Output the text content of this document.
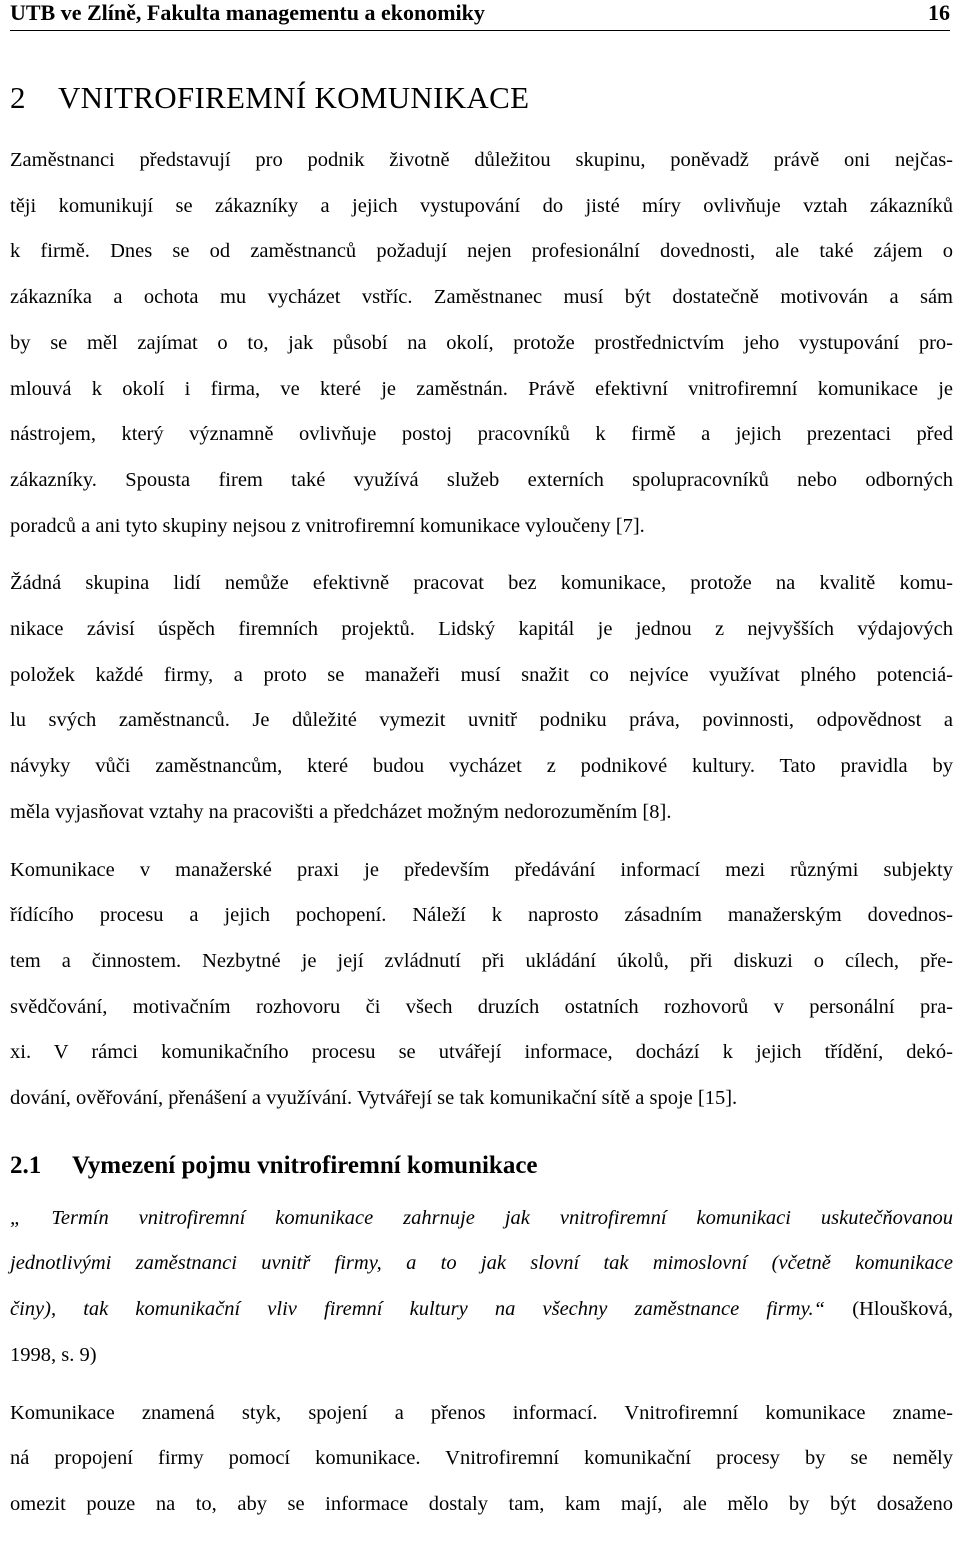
UTB ve Zlíně, Fakulta managementu a ekonomiky	16
2 VNITROFIREMNÍ KOMUNIKACE

Zaměstnanci představují pro podnik životně důležitou skupinu, poněvadž právě oni nejčas-
těji komunikují se zákazníky a jejich vystupování do jisté míry ovlivňuje vztah zákazníků
k firmě. Dnes se od zaměstnanců požadují nejen profesionální dovednosti, ale také zájem o
zákazníka a ochota mu vycházet vstříc. Zaměstnanec musí být dostatečně motivován a sám
by se měl zajímat o to, jak působí na okolí, protože prostřednictvím jeho vystupování pro-
mlouvá k okolí i firma, ve které je zaměstnán. Právě efektivní vnitrofiremní komunikace je
nástrojem, který významně ovlivňuje postoj pracovníků k firmě a jejich prezentaci před
zákazníky. Spousta firem také využívá služeb externích spolupracovníků nebo odborných
poradců a ani tyto skupiny nejsou z vnitrofiremní komunikace vyloučeny [7].

Žádná skupina lidí nemůže efektivně pracovat bez komunikace, protože na kvalitě komu-
nikace závisí úspěch firemních projektů. Lidský kapitál je jednou z nejvyšších výdajových
položek každé firmy, a proto se manažeři musí snažit co nejvíce využívat plného potenciá-
lu svých zaměstnanců. Je důležité vymezit uvnitř podniku práva, povinnosti, odpovědnost a
návyky vůči zaměstnancům, které budou vycházet z podnikové kultury. Tato pravidla by
měla vyjasňovat vztahy na pracovišti a předcházet možným nedorozuměním [8].

Komunikace v manažerské praxi je především předávání informací mezi různými subjekty
řídícího procesu a jejich pochopení. Náleží k naprosto zásadním manažerským dovednos-
tem a činnostem. Nezbytné je její zvládnutí při ukládání úkolů, při diskuzi o cílech, pře-
svědčování, motivačním rozhovoru či všech druzích ostatních rozhovorů v personální pra-
xi. V rámci komunikačního procesu se utvářejí informace, dochází k jejich třídění, dekó-
dování, ověřování, přenášení a využívání. Vytvářejí se tak komunikační sítě a spoje [15].

2.1 Vymezení pojmu vnitrofiremní komunikace

„ Termín vnitrofiremní komunikace zahrnuje jak vnitrofiremní komunikaci uskutečňovanou
jednotlivými zaměstnanci uvnitř firmy, a to jak slovní tak mimoslovní (včetně komunikace
činy), tak komunikační vliv firemní kultury na všechny zaměstnance firmy.“ (Hloušková,
1998, s. 9)

Komunikace znamená styk, spojení a přenos informací. Vnitrofiremní komunikace zname-
ná propojení firmy pomocí komunikace. Vnitrofiremní komunikační procesy by se neměly
omezit pouze na to, aby se informace dostaly tam, kam mají, ale mělo by být dosaženo
